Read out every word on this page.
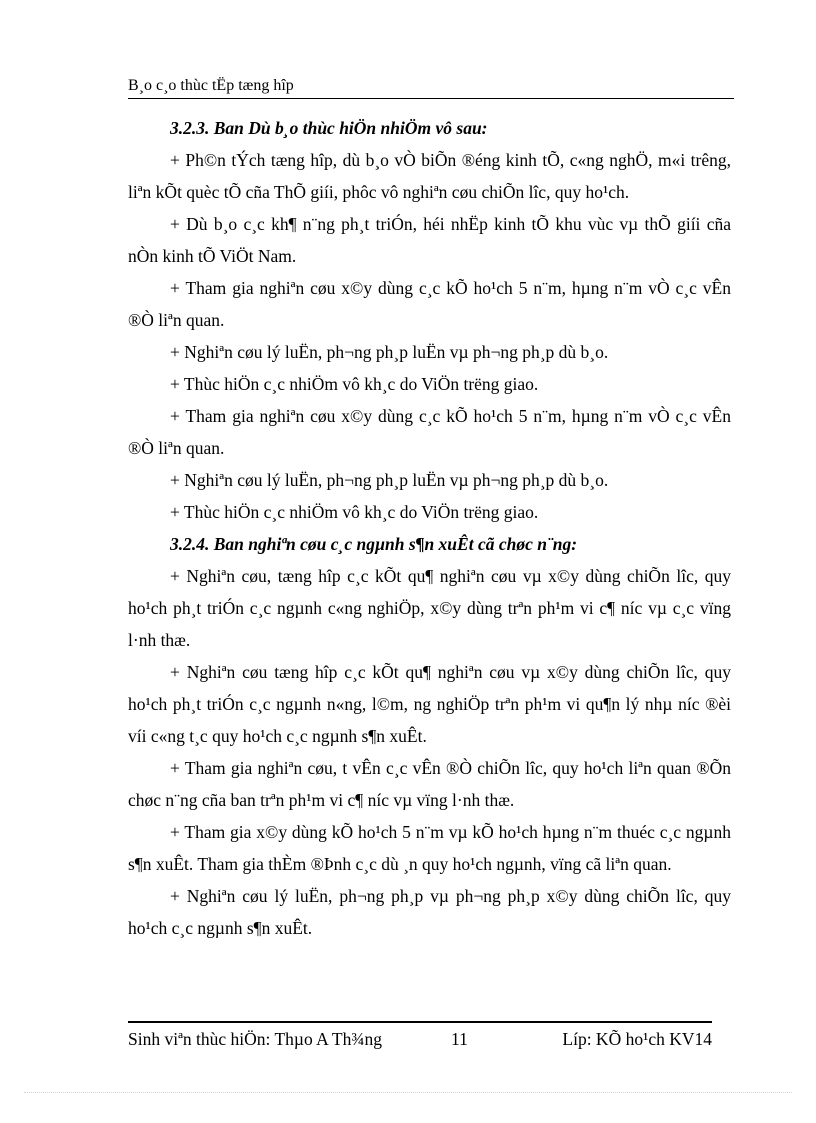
B¸o c¸o thùc tËp tæng hîp

3.2.3. Ban Dù b¸o thùc hiÖn nhiÖm vô sau:

+ Ph©n tÝch tæng hîp, dù b¸o vÒ biÕn ®éng kinh tÕ, c«ng nghÖ, m«i trêng, liªn kÕt quèc tÕ cña ThÕ giíi, phôc vô nghiªn cøu chiÕn lîc, quy ho¹ch.

+ Dù b¸o c¸c kh¶ n¨ng ph¸t triÓn, héi nhËp kinh tÕ khu vùc vµ thÕ giíi cña nÒn kinh tÕ ViÖt Nam.

+ Tham gia nghiªn cøu x©y dùng c¸c kÕ ho¹ch 5 n¨m, hµng n¨m vÒ c¸c vÊn ®Ò liªn quan.

+ Nghiªn cøu lý luËn, ph¬ng ph¸p luËn vµ ph¬ng ph¸p dù b¸o.

+ Thùc hiÖn c¸c nhiÖm vô kh¸c do ViÖn trëng giao.

+ Tham gia nghiªn cøu x©y dùng c¸c kÕ ho¹ch 5 n¨m, hµng n¨m vÒ c¸c vÊn ®Ò liªn quan.

+ Nghiªn cøu lý luËn, ph¬ng ph¸p luËn vµ ph¬ng ph¸p dù b¸o.

+ Thùc hiÖn c¸c nhiÖm vô kh¸c do ViÖn trëng giao.

3.2.4. Ban nghiªn cøu c¸c ngµnh s¶n xuÊt cã chøc n¨ng:

+ Nghiªn cøu, tæng hîp c¸c kÕt qu¶ nghiªn cøu vµ x©y dùng chiÕn lîc, quy ho¹ch ph¸t triÓn c¸c ngµnh c«ng nghiÖp, x©y dùng trªn ph¹m vi c¶ níc vµ c¸c vïng l·nh thæ.

+ Nghiªn cøu tæng hîp c¸c kÕt qu¶ nghiªn cøu vµ x©y dùng chiÕn lîc, quy ho¹ch ph¸t triÓn c¸c ngµnh n«ng, l©m, ng nghiÖp trªn ph¹m vi qu¶n lý nhµ níc ®èi víi c«ng t¸c quy ho¹ch c¸c ngµnh s¶n xuÊt.

+ Tham gia nghiªn cøu, t vÊn c¸c vÊn ®Ò chiÕn lîc, quy ho¹ch liªn quan ®Õn chøc n¨ng cña ban trªn ph¹m vi c¶ níc vµ vïng l·nh thæ.

+ Tham gia x©y dùng kÕ ho¹ch 5 n¨m vµ kÕ ho¹ch hµng n¨m thuéc c¸c ngµnh s¶n xuÊt. Tham gia thÈm ®Þnh c¸c dù ¸n quy ho¹ch ngµnh, vïng cã liªn quan.

+ Nghiªn cøu lý luËn, ph¬ng ph¸p vµ ph¬ng ph¸p x©y dùng chiÕn lîc, quy ho¹ch c¸c ngµnh s¶n xuÊt.

Sinh viªn thùc hiÖn: Thµo A Th¾ng	11	Líp: KÕ ho¹ch KV14
